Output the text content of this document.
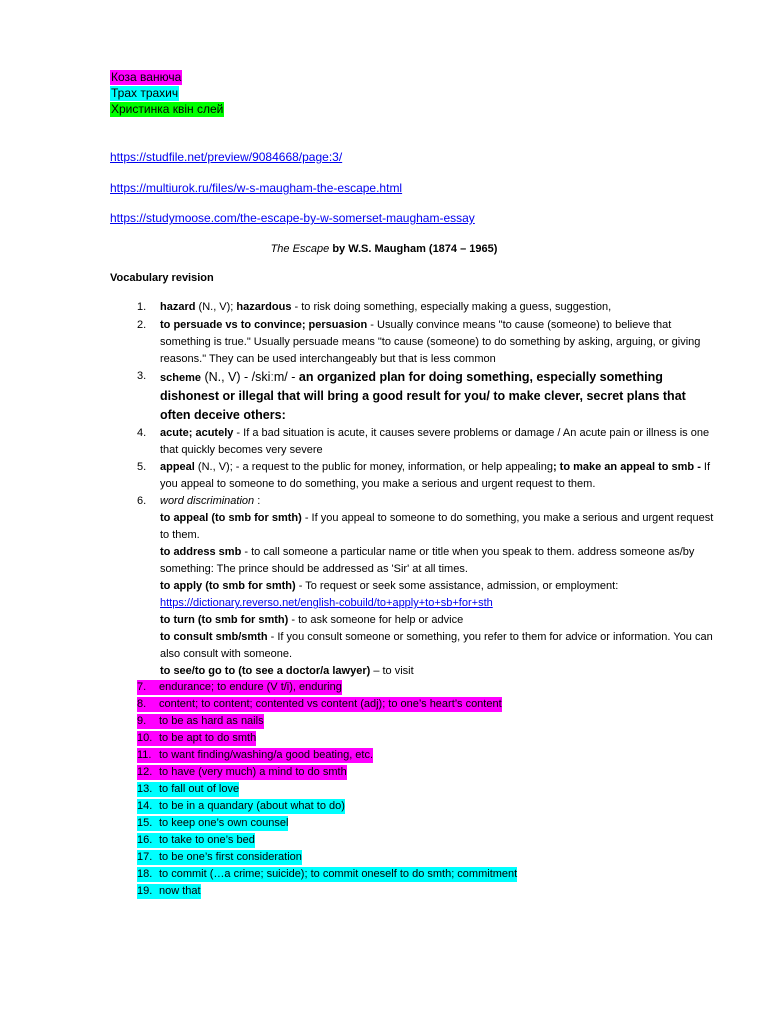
Коза ванюча
Трах трахич
Христинка квін слей
https://studfile.net/preview/9084668/page:3/
https://multiurok.ru/files/w-s-maugham-the-escape.html
https://studymoose.com/the-escape-by-w-somerset-maugham-essay
The Escape by W.S. Maugham (1874 – 1965)
Vocabulary revision
1.	hazard (N., V); hazardous - to risk doing something, especially making a guess, suggestion,
2.	to persuade vs to convince; persuasion - Usually convince means "to cause (someone) to believe that something is true." Usually persuade means "to cause (someone) to do something by asking, arguing, or giving reasons." They can be used interchangeably but that is less common
3.	scheme (N., V) - /skiːm/ - an organized plan for doing something, especially something dishonest or illegal that will bring a good result for you/ to make clever, secret plans that often deceive others:
4.	acute; acutely - If a bad situation is acute, it causes severe problems or damage / An acute pain or illness is one that quickly becomes very severe
5.	appeal (N., V); - a request to the public for money, information, or help appealing; to make an appeal to smb - If you appeal to someone to do something, you make a serious and urgent request to them.
6.	word discrimination :
to appeal (to smb for smth) - If you appeal to someone to do something, you make a serious and urgent request to them.
to address smb - to call someone a particular name or title when you speak to them. address someone as/by something: The prince should be addressed as 'Sir' at all times.
to apply (to smb for smth) - To request or seek some assistance, admission, or employment:
https://dictionary.reverso.net/english-cobuild/to+apply+to+sb+for+sth
to turn (to smb for smth) - to ask someone for help or advice
to consult smb/smth - If you consult someone or something, you refer to them for advice or information. You can also consult with someone.
to see/to go to (to see a doctor/a lawyer) – to visit
7. endurance; to endure (V t/i), enduring
8. content; to content; contented vs content (adj); to one’s heart’s content
9. to be as hard as nails
10. to be apt to do smth
11. to want finding/washing/a good beating, etc.
12. to have (very much) a mind to do smth
13. to fall out of love
14. to be in a quandary (about what to do)
15. to keep one’s own counsel
16. to take to one’s bed
17. to be one’s first consideration
18. to commit (…a crime; suicide); to commit oneself to do smth; commitment
19. now that
